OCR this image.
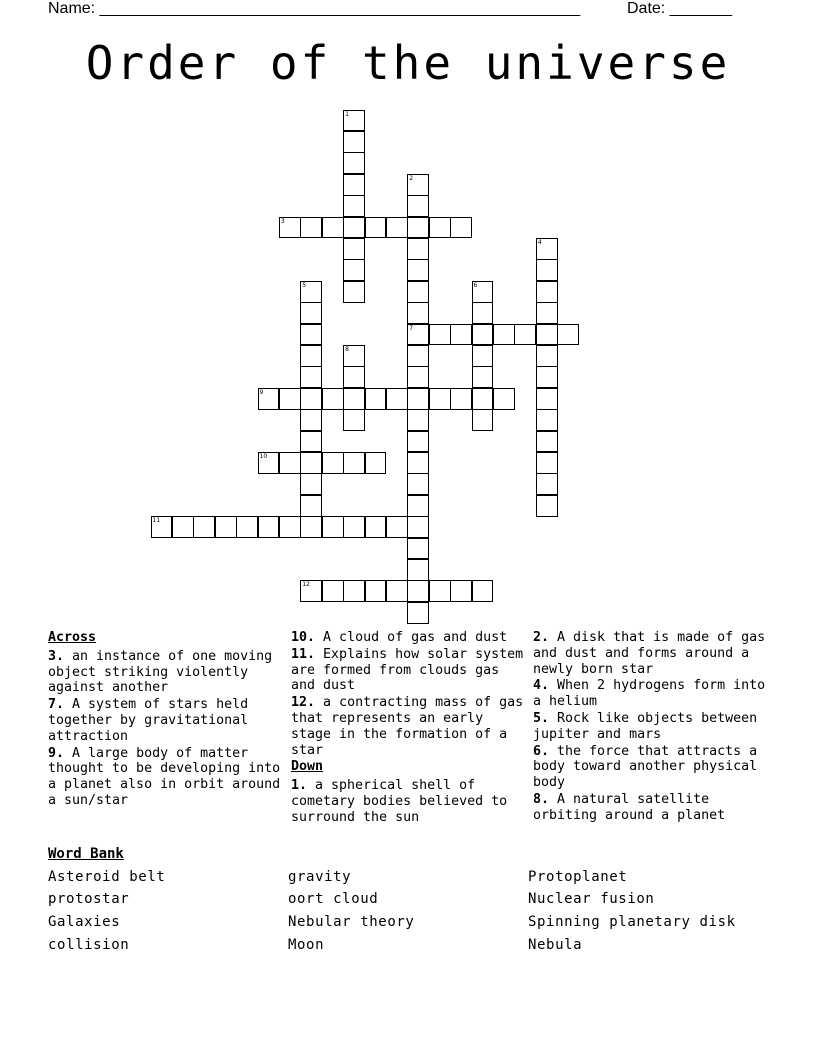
Name: ______________________________________________________	Date: _______
Order of the universe
1
2
7
3
4
5	6
8
9
10
11
12
Across
3. an instance of one moving object striking violently against another
7. A system of stars held together by gravitational attraction
9. A large body of matter thought to be developing into a planet also in orbit around a sun/star
10. A cloud of gas and dust
11. Explains how solar system are formed from clouds gas and dust
12. a contracting mass of gas that represents an early stage in the formation of a star
Down
1. a spherical shell of cometary bodies believed to surround the sun
2. A disk that is made of gas and dust and forms around a newly born star
4. When 2 hydrogens form into a helium
5. Rock like objects between jupiter and mars
6. the force that attracts a body toward another physical body
8. A natural satellite orbiting around a planet
Word Bank
Asteroid belt	gravity	Protoplanet
protostar	oort cloud	Nuclear fusion
Galaxies	Nebular theory	Spinning planetary disk
collision	Moon	Nebula
